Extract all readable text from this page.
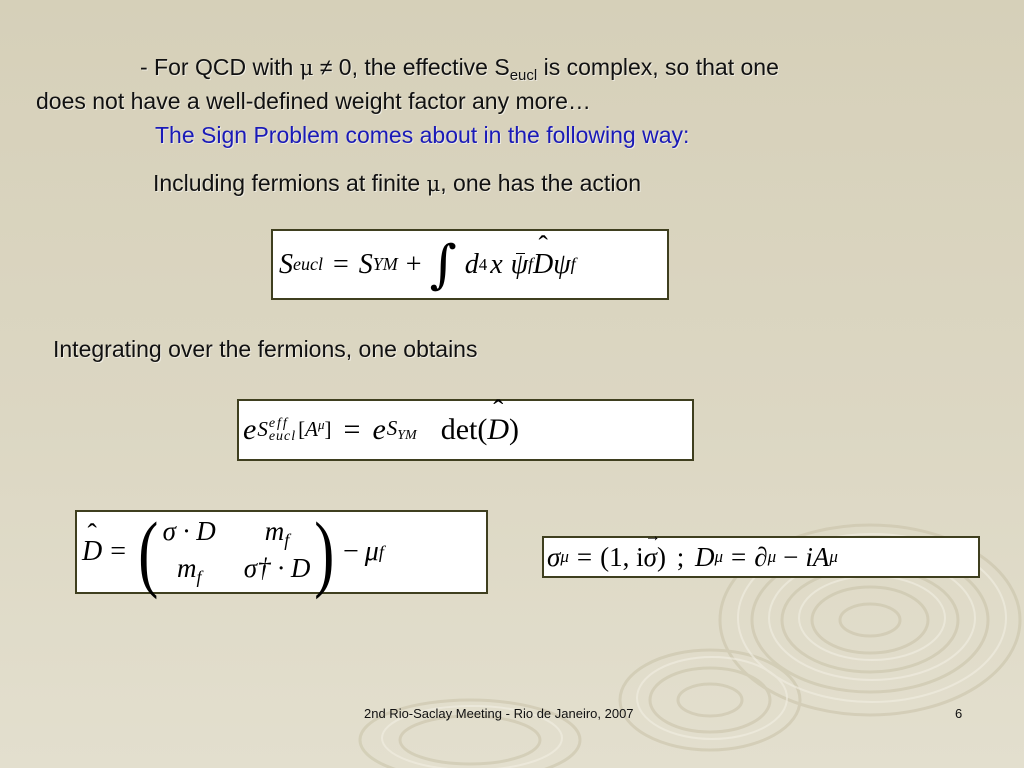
- For QCD with μ ≠ 0, the effective $S_{eucl}$ is complex, so that one
does not have a well-defined weight factor any more…
The Sign Problem comes about in the following way:
Including fermions at finite μ, one has the action
S eucl = S YM + ∫ d 4 x ψ f ˆ D ψ f
Integrating over the fermions, one obtains
e S eff
eucl [ A μ ] = e SYM det( ˆ D )
ˆ D = ( σ · D	$m_f$
$m_f$	σ† · D ) − μ f	σ μ = (1, i σ
→
) ; D μ = ∂ μ − iA μ
2nd Rio-Saclay Meeting - Rio de Janeiro, 2007	6
